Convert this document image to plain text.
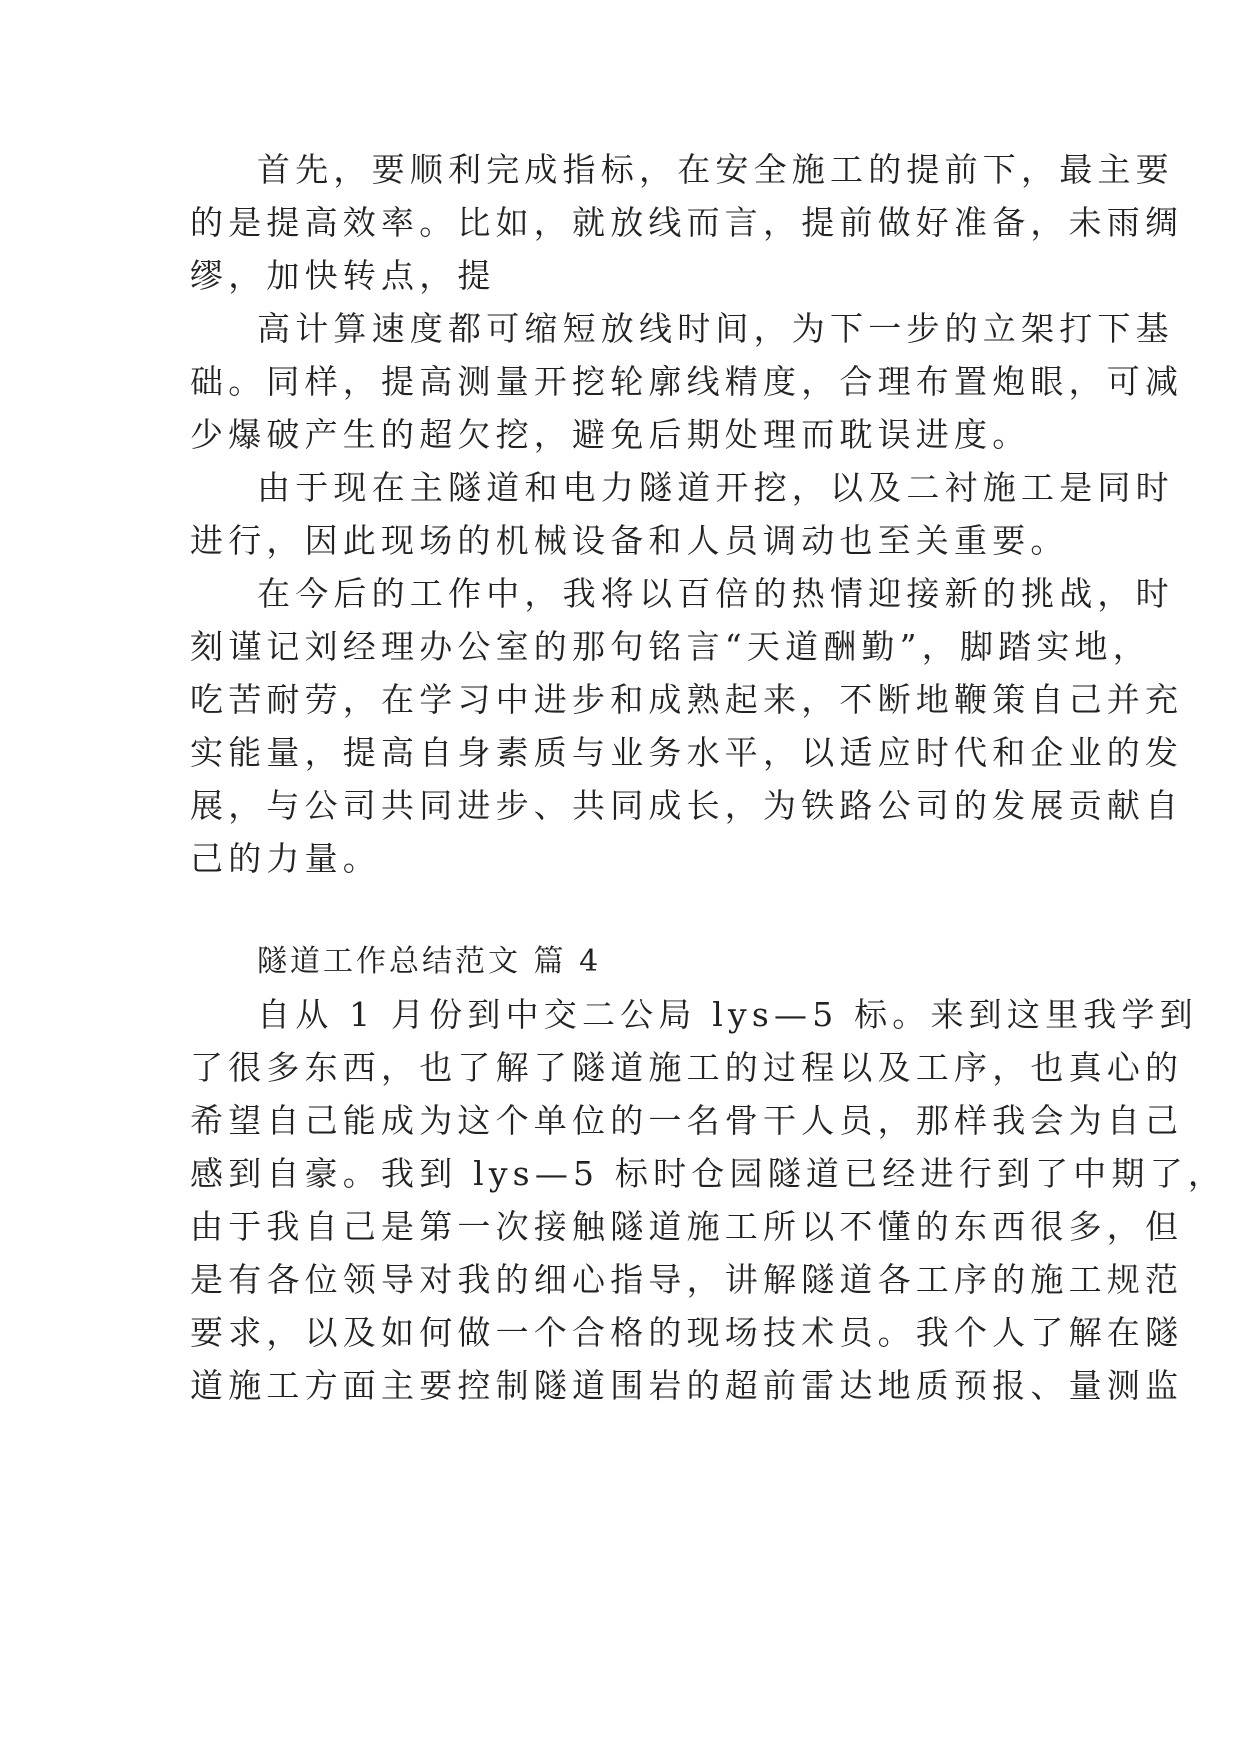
首先，要顺利完成指标，在安全施工的提前下，最主要
的是提高效率。比如，就放线而言，提前做好准备，未雨绸
缪，加快转点，提
高计算速度都可缩短放线时间，为下一步的立架打下基
础。同样，提高测量开挖轮廓线精度，合理布置炮眼，可减
少爆破产生的超欠挖，避免后期处理而耽误进度。
由于现在主隧道和电力隧道开挖，以及二衬施工是同时
进行，因此现场的机械设备和人员调动也至关重要。
在今后的工作中，我将以百倍的热情迎接新的挑战，时
刻谨记刘经理办公室的那句铭言“天道酬勤”，脚踏实地，
吃苦耐劳，在学习中进步和成熟起来，不断地鞭策自己并充
实能量，提高自身素质与业务水平，以适应时代和企业的发
展，与公司共同进步、共同成长，为铁路公司的发展贡献自
己的力量。
隧道工作总结范文 篇 4
自从 1 月份到中交二公局 lys—5 标。来到这里我学到
了很多东西，也了解了隧道施工的过程以及工序，也真心的
希望自己能成为这个单位的一名骨干人员，那样我会为自己
感到自豪。我到 lys—5 标时仓园隧道已经进行到了中期了，
由于我自己是第一次接触隧道施工所以不懂的东西很多，但
是有各位领导对我的细心指导，讲解隧道各工序的施工规范
要求，以及如何做一个合格的现场技术员。我个人了解在隧
道施工方面主要控制隧道围岩的超前雷达地质预报、量测监
